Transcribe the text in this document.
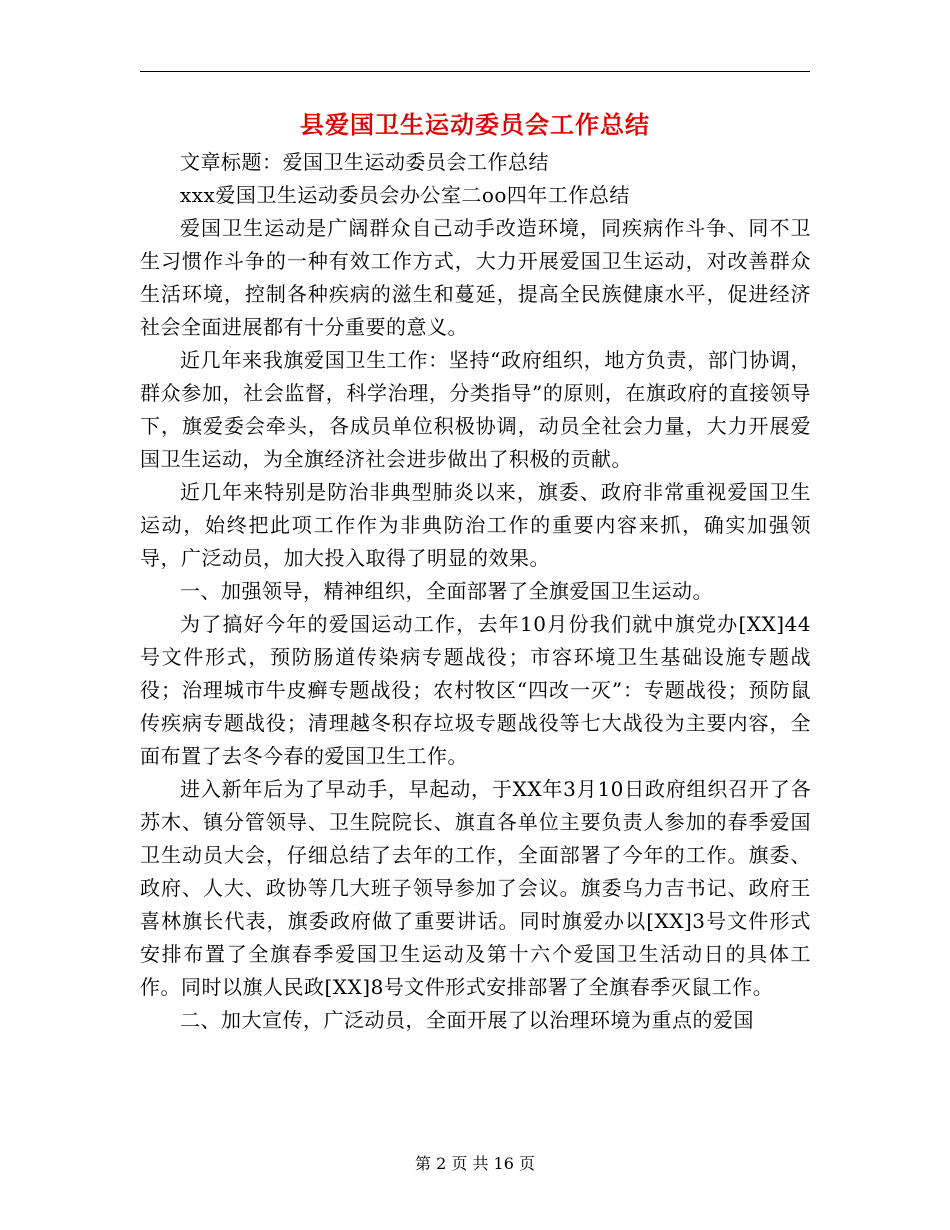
县爱国卫生运动委员会工作总结

文章标题：爱国卫生运动委员会工作总结

xxx爱国卫生运动委员会办公室二oo四年工作总结

爱国卫生运动是广阔群众自己动手改造环境，同疾病作斗争、同不卫生习惯作斗争的一种有效工作方式，大力开展爱国卫生运动，对改善群众生活环境，控制各种疾病的滋生和蔓延，提高全民族健康水平，促进经济社会全面进展都有十分重要的意义。

近几年来我旗爱国卫生工作：坚持“政府组织，地方负责，部门协调，群众参加，社会监督，科学治理，分类指导”的原则，在旗政府的直接领导下，旗爱委会牵头，各成员单位积极协调，动员全社会力量，大力开展爱国卫生运动，为全旗经济社会进步做出了积极的贡献。

近几年来特别是防治非典型肺炎以来，旗委、政府非常重视爱国卫生运动，始终把此项工作作为非典防治工作的重要内容来抓，确实加强领导，广泛动员，加大投入取得了明显的效果。

一、加强领导，精神组织，全面部署了全旗爱国卫生运动。

为了搞好今年的爱国运动工作，去年10月份我们就中旗党办[XX]44号文件形式，预防肠道传染病专题战役；市容环境卫生基础设施专题战役；治理城市牛皮癣专题战役；农村牧区“四改一灭”：专题战役；预防鼠传疾病专题战役；清理越冬积存垃圾专题战役等七大战役为主要内容，全面布置了去冬今春的爱国卫生工作。

进入新年后为了早动手，早起动，于XX年3月10日政府组织召开了各苏木、镇分管领导、卫生院院长、旗直各单位主要负责人参加的春季爱国卫生动员大会，仔细总结了去年的工作，全面部署了今年的工作。旗委、政府、人大、政协等几大班子领导参加了会议。旗委乌力吉书记、政府王喜林旗长代表，旗委政府做了重要讲话。同时旗爱办以[XX]3号文件形式安排布置了全旗春季爱国卫生运动及第十六个爱国卫生活动日的具体工作。同时以旗人民政[XX]8号文件形式安排部署了全旗春季灭鼠工作。

二、加大宣传，广泛动员，全面开展了以治理环境为重点的爱国

第 2 页 共 16 页
